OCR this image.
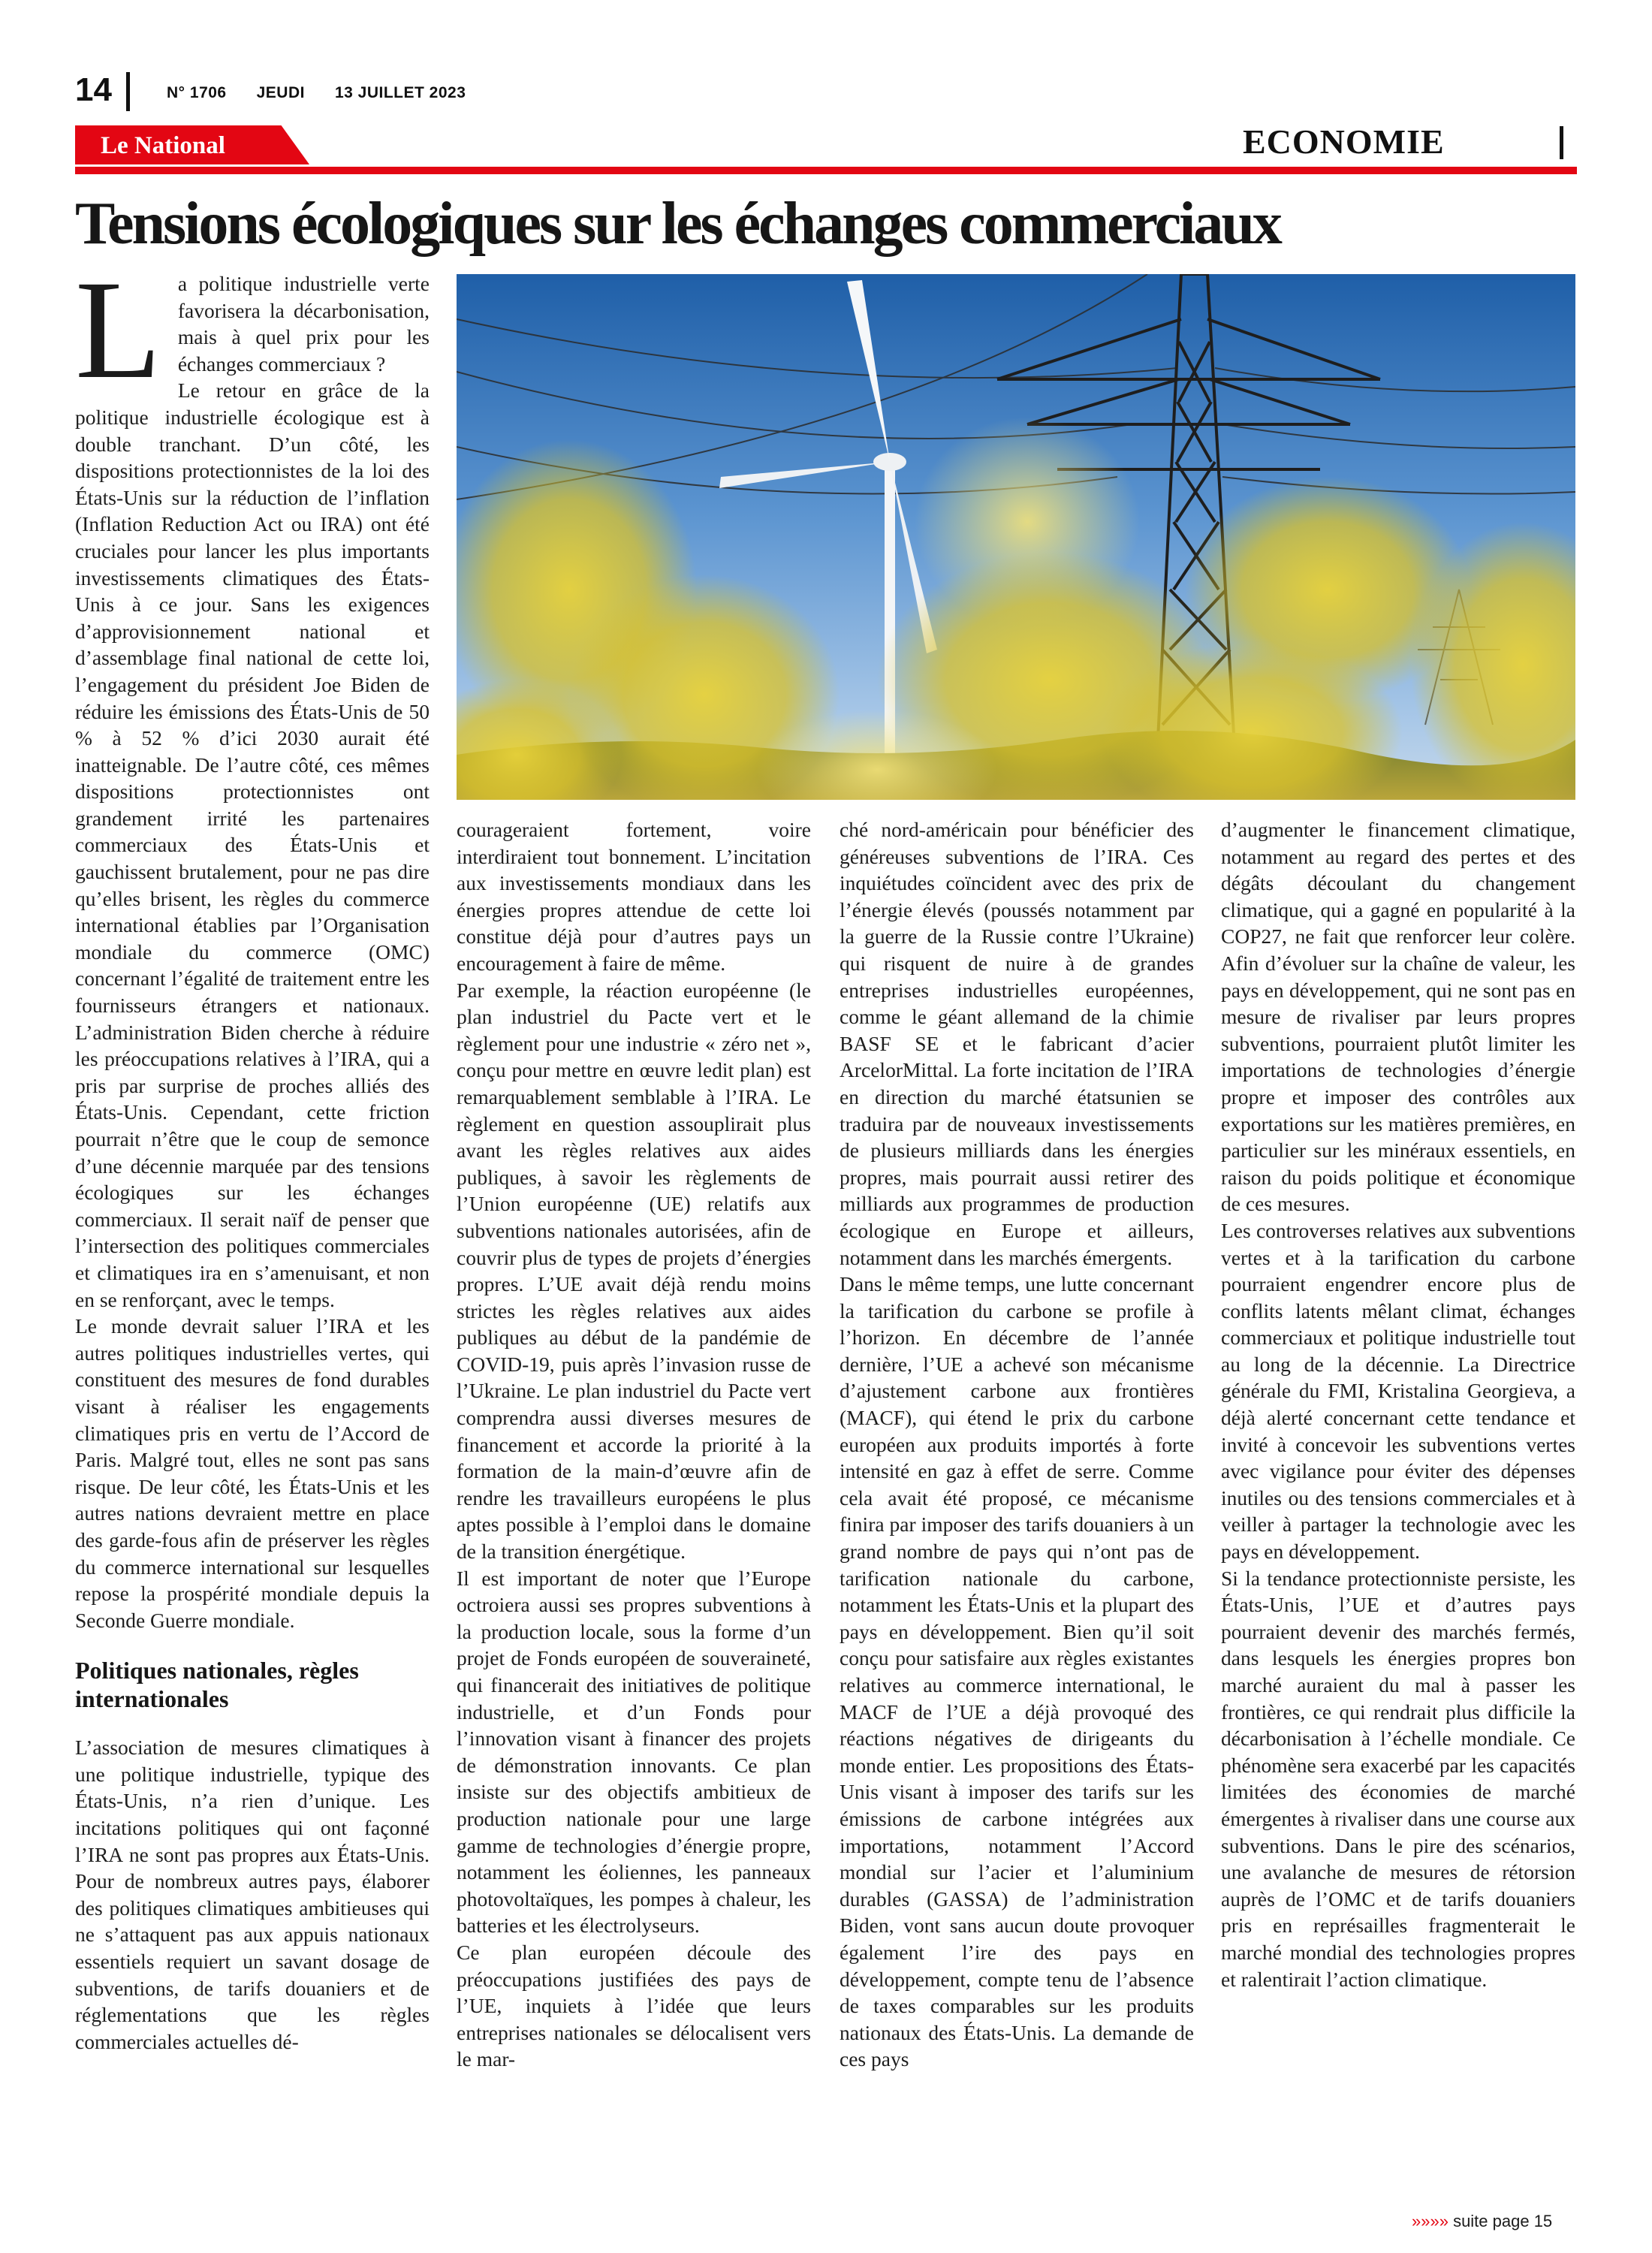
14	N° 1706 JEUDI 13 JUILLET 2023
Le National	ECONOMIE
Tensions écologiques sur les échanges commerciaux

La politique industrielle verte favorisera la décarbonisation, mais à quel prix pour les échanges commerciaux ?

Le retour en grâce de la politique industrielle écologique est à double tranchant. D’un côté, les dispositions protectionnistes de la loi des États-Unis sur la réduction de l’inflation (Inflation Reduction Act ou IRA) ont été cruciales pour lancer les plus importants investissements climatiques des États-Unis à ce jour. Sans les exigences d’approvisionnement national et d’assemblage final national de cette loi, l’engagement du président Joe Biden de réduire les émissions des États-Unis de 50 % à 52 % d’ici 2030 aurait été inatteignable. De l’autre côté, ces mêmes dispositions protectionnistes ont grandement irrité les partenaires commerciaux des États-Unis et gauchissent brutalement, pour ne pas dire qu’elles brisent, les règles du commerce international établies par l’Organisation mondiale du commerce (OMC) concernant l’égalité de traitement entre les fournisseurs étrangers et nationaux. L’administration Biden cherche à réduire les préoccupations relatives à l’IRA, qui a pris par surprise de proches alliés des États-Unis. Cependant, cette friction pourrait n’être que le coup de semonce d’une décennie marquée par des tensions écologiques sur les échanges commerciaux. Il serait naïf de penser que l’intersection des politiques commerciales et climatiques ira en s’amenuisant, et non en se renforçant, avec le temps.

Le monde devrait saluer l’IRA et les autres politiques industrielles vertes, qui constituent des mesures de fond durables visant à réaliser les engagements climatiques pris en vertu de l’Accord de Paris. Malgré tout, elles ne sont pas sans risque. De leur côté, les États-Unis et les autres nations devraient mettre en place des garde-fous afin de préserver les règles du commerce international sur lesquelles repose la prospérité mondiale depuis la Seconde Guerre mondiale.

Politiques nationales, règles internationales

L’association de mesures climatiques à une politique industrielle, typique des États-Unis, n’a rien d’unique. Les incitations politiques qui ont façonné l’IRA ne sont pas propres aux États-Unis. Pour de nombreux autres pays, élaborer des politiques climatiques ambitieuses qui ne s’attaquent pas aux appuis nationaux essentiels requiert un savant dosage de subventions, de tarifs douaniers et de réglementations que les règles commerciales actuelles dé-

courageraient fortement, voire interdiraient tout bonnement. L’incitation aux investissements mondiaux dans les énergies propres attendue de cette loi constitue déjà pour d’autres pays un encouragement à faire de même.

Par exemple, la réaction européenne (le plan industriel du Pacte vert et le règlement pour une industrie « zéro net », conçu pour mettre en œuvre ledit plan) est remarquablement semblable à l’IRA. Le règlement en question assouplirait plus avant les règles relatives aux aides publiques, à savoir les règlements de l’Union européenne (UE) relatifs aux subventions nationales autorisées, afin de couvrir plus de types de projets d’énergies propres. L’UE avait déjà rendu moins strictes les règles relatives aux aides publiques au début de la pandémie de COVID-19, puis après l’invasion russe de l’Ukraine. Le plan industriel du Pacte vert comprendra aussi diverses mesures de financement et accorde la priorité à la formation de la main-d’œuvre afin de rendre les travailleurs européens le plus aptes possible à l’emploi dans le domaine de la transition énergétique.

Il est important de noter que l’Europe octroiera aussi ses propres subventions à la production locale, sous la forme d’un projet de Fonds européen de souveraineté, qui financerait des initiatives de politique industrielle, et d’un Fonds pour l’innovation visant à financer des projets de démonstration innovants. Ce plan insiste sur des objectifs ambitieux de production nationale pour une large gamme de technologies d’énergie propre, notamment les éoliennes, les panneaux photovoltaïques, les pompes à chaleur, les batteries et les électrolyseurs.

Ce plan européen découle des préoccupations justifiées des pays de l’UE, inquiets à l’idée que leurs entreprises nationales se délocalisent vers le mar-

ché nord-américain pour bénéficier des généreuses subventions de l’IRA. Ces inquiétudes coïncident avec des prix de l’énergie élevés (poussés notamment par la guerre de la Russie contre l’Ukraine) qui risquent de nuire à de grandes entreprises industrielles européennes, comme le géant allemand de la chimie BASF SE et le fabricant d’acier ArcelorMittal. La forte incitation de l’IRA en direction du marché étatsunien se traduira par de nouveaux investissements de plusieurs milliards dans les énergies propres, mais pourrait aussi retirer des milliards aux programmes de production écologique en Europe et ailleurs, notamment dans les marchés émergents.

Dans le même temps, une lutte concernant la tarification du carbone se profile à l’horizon. En décembre de l’année dernière, l’UE a achevé son mécanisme d’ajustement carbone aux frontières (MACF), qui étend le prix du carbone européen aux produits importés à forte intensité en gaz à effet de serre. Comme cela avait été proposé, ce mécanisme finira par imposer des tarifs douaniers à un grand nombre de pays qui n’ont pas de tarification nationale du carbone, notamment les États-Unis et la plupart des pays en développement. Bien qu’il soit conçu pour satisfaire aux règles existantes relatives au commerce international, le MACF de l’UE a déjà provoqué des réactions négatives de dirigeants du monde entier. Les propositions des États-Unis visant à imposer des tarifs sur les émissions de carbone intégrées aux importations, notamment l’Accord mondial sur l’acier et l’aluminium durables (GASSA) de l’administration Biden, vont sans aucun doute provoquer également l’ire des pays en développement, compte tenu de l’absence de taxes comparables sur les produits nationaux des États-Unis. La demande de ces pays

d’augmenter le financement climatique, notamment au regard des pertes et des dégâts découlant du changement climatique, qui a gagné en popularité à la COP27, ne fait que renforcer leur colère. Afin d’évoluer sur la chaîne de valeur, les pays en développement, qui ne sont pas en mesure de rivaliser par leurs propres subventions, pourraient plutôt limiter les importations de technologies d’énergie propre et imposer des contrôles aux exportations sur les matières premières, en particulier sur les minéraux essentiels, en raison du poids politique et économique de ces mesures.

Les controverses relatives aux subventions vertes et à la tarification du carbone pourraient engendrer encore plus de conflits latents mêlant climat, échanges commerciaux et politique industrielle tout au long de la décennie. La Directrice générale du FMI, Kristalina Georgieva, a déjà alerté concernant cette tendance et invité à concevoir les subventions vertes avec vigilance pour éviter des dépenses inutiles ou des tensions commerciales et à veiller à partager la technologie avec les pays en développement.

Si la tendance protectionniste persiste, les États-Unis, l’UE et d’autres pays pourraient devenir des marchés fermés, dans lesquels les énergies propres bon marché auraient du mal à passer les frontières, ce qui rendrait plus difficile la décarbonisation à l’échelle mondiale. Ce phénomène sera exacerbé par les capacités limitées des économies de marché émergentes à rivaliser dans une course aux subventions. Dans le pire des scénarios, une avalanche de mesures de rétorsion auprès de l’OMC et de tarifs douaniers pris en représailles fragmenterait le marché mondial des technologies propres et ralentirait l’action climatique.

»»»» suite page 15
